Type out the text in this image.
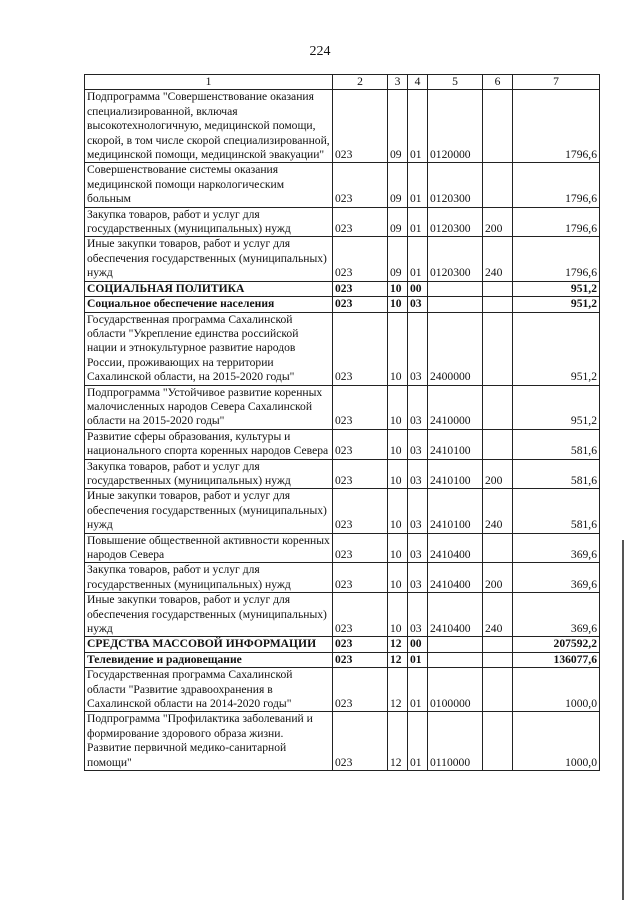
224
1	2	3	4	5	6	7
Подпрограмма "Совершенствование оказания специализированной, включая высокотехнологичную, медицинской помощи, скорой, в том числе скорой специализированной, медицинской помощи, медицинской эвакуации"	023	09	01	0120000		1796,6
Совершенствование системы оказания медицинской помощи наркологическим больным	023	09	01	0120300		1796,6
Закупка товаров, работ и услуг для государственных (муниципальных) нужд	023	09	01	0120300	200	1796,6
Иные закупки товаров, работ и услуг для обеспечения государственных (муниципальных) нужд	023	09	01	0120300	240	1796,6
СОЦИАЛЬНАЯ ПОЛИТИКА	023	10	00			951,2
Социальное обеспечение населения	023	10	03			951,2
Государственная программа Сахалинской области "Укрепление единства российской нации и этнокультурное развитие народов России, проживающих на территории Сахалинской области, на 2015-2020 годы"	023	10	03	2400000		951,2
Подпрограмма "Устойчивое развитие коренных малочисленных народов Севера Сахалинской области на 2015-2020 годы"	023	10	03	2410000		951,2
Развитие сферы образования, культуры и национального спорта коренных народов Севера	023	10	03	2410100		581,6
Закупка товаров, работ и услуг для государственных (муниципальных) нужд	023	10	03	2410100	200	581,6
Иные закупки товаров, работ и услуг для обеспечения государственных (муниципальных) нужд	023	10	03	2410100	240	581,6
Повышение общественной активности коренных народов Севера	023	10	03	2410400		369,6
Закупка товаров, работ и услуг для государственных (муниципальных) нужд	023	10	03	2410400	200	369,6
Иные закупки товаров, работ и услуг для обеспечения государственных (муниципальных) нужд	023	10	03	2410400	240	369,6
СРЕДСТВА МАССОВОЙ ИНФОРМАЦИИ	023	12	00			207592,2
Телевидение и радиовещание	023	12	01			136077,6
Государственная программа Сахалинской области "Развитие здравоохранения в Сахалинской области на 2014-2020 годы"	023	12	01	0100000		1000,0
Подпрограмма "Профилактика заболеваний и формирование здорового образа жизни. Развитие первичной медико-санитарной помощи"	023	12	01	0110000		1000,0
